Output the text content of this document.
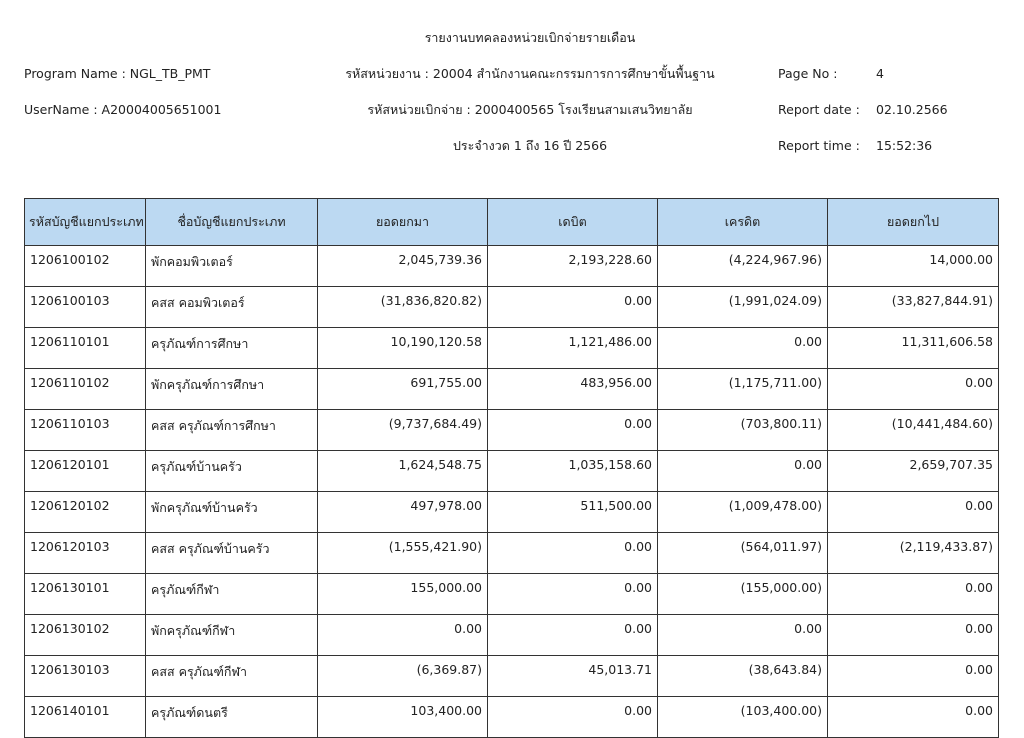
รายงานบทคลองหน่วยเบิกจ่ายรายเดือน
Program Name : NGL_TB_PMT
UserName : A20004005651001
รหัสหน่วยงาน : 20004 สำนักงานคณะกรรมการการศึกษาขั้นพื้นฐาน
รหัสหน่วยเบิกจ่าย : 2000400565 โรงเรียนสามเสนวิทยาลัย
ประจำงวด 1 ถึง 16 ปี 2566
Page No :	4
Report date : 02.10.2566
Report time : 15:52:36
รหัสบัญชีแยกประเภท	ชื่อบัญชีแยกประเภท	ยอดยกมา	เดบิต	เครดิต	ยอดยกไป
1206100102	พักคอมพิวเตอร์	2,045,739.36	2,193,228.60	(4,224,967.96)	14,000.00
1206100103	คสส คอมพิวเตอร์	(31,836,820.82)	0.00	(1,991,024.09)	(33,827,844.91)
1206110101	ครุภัณฑ์การศึกษา	10,190,120.58	1,121,486.00	0.00	11,311,606.58
1206110102	พักครุภัณฑ์การศึกษา	691,755.00	483,956.00	(1,175,711.00)	0.00
1206110103	คสส ครุภัณฑ์การศึกษา	(9,737,684.49)	0.00	(703,800.11)	(10,441,484.60)
1206120101	ครุภัณฑ์บ้านครัว	1,624,548.75	1,035,158.60	0.00	2,659,707.35
1206120102	พักครุภัณฑ์บ้านครัว	497,978.00	511,500.00	(1,009,478.00)	0.00
1206120103	คสส ครุภัณฑ์บ้านครัว	(1,555,421.90)	0.00	(564,011.97)	(2,119,433.87)
1206130101	ครุภัณฑ์กีฬา	155,000.00	0.00	(155,000.00)	0.00
1206130102	พักครุภัณฑ์กีฬา	0.00	0.00	0.00	0.00
1206130103	คสส ครุภัณฑ์กีฬา	(6,369.87)	45,013.71	(38,643.84)	0.00
1206140101	ครุภัณฑ์ดนตรี	103,400.00	0.00	(103,400.00)	0.00
